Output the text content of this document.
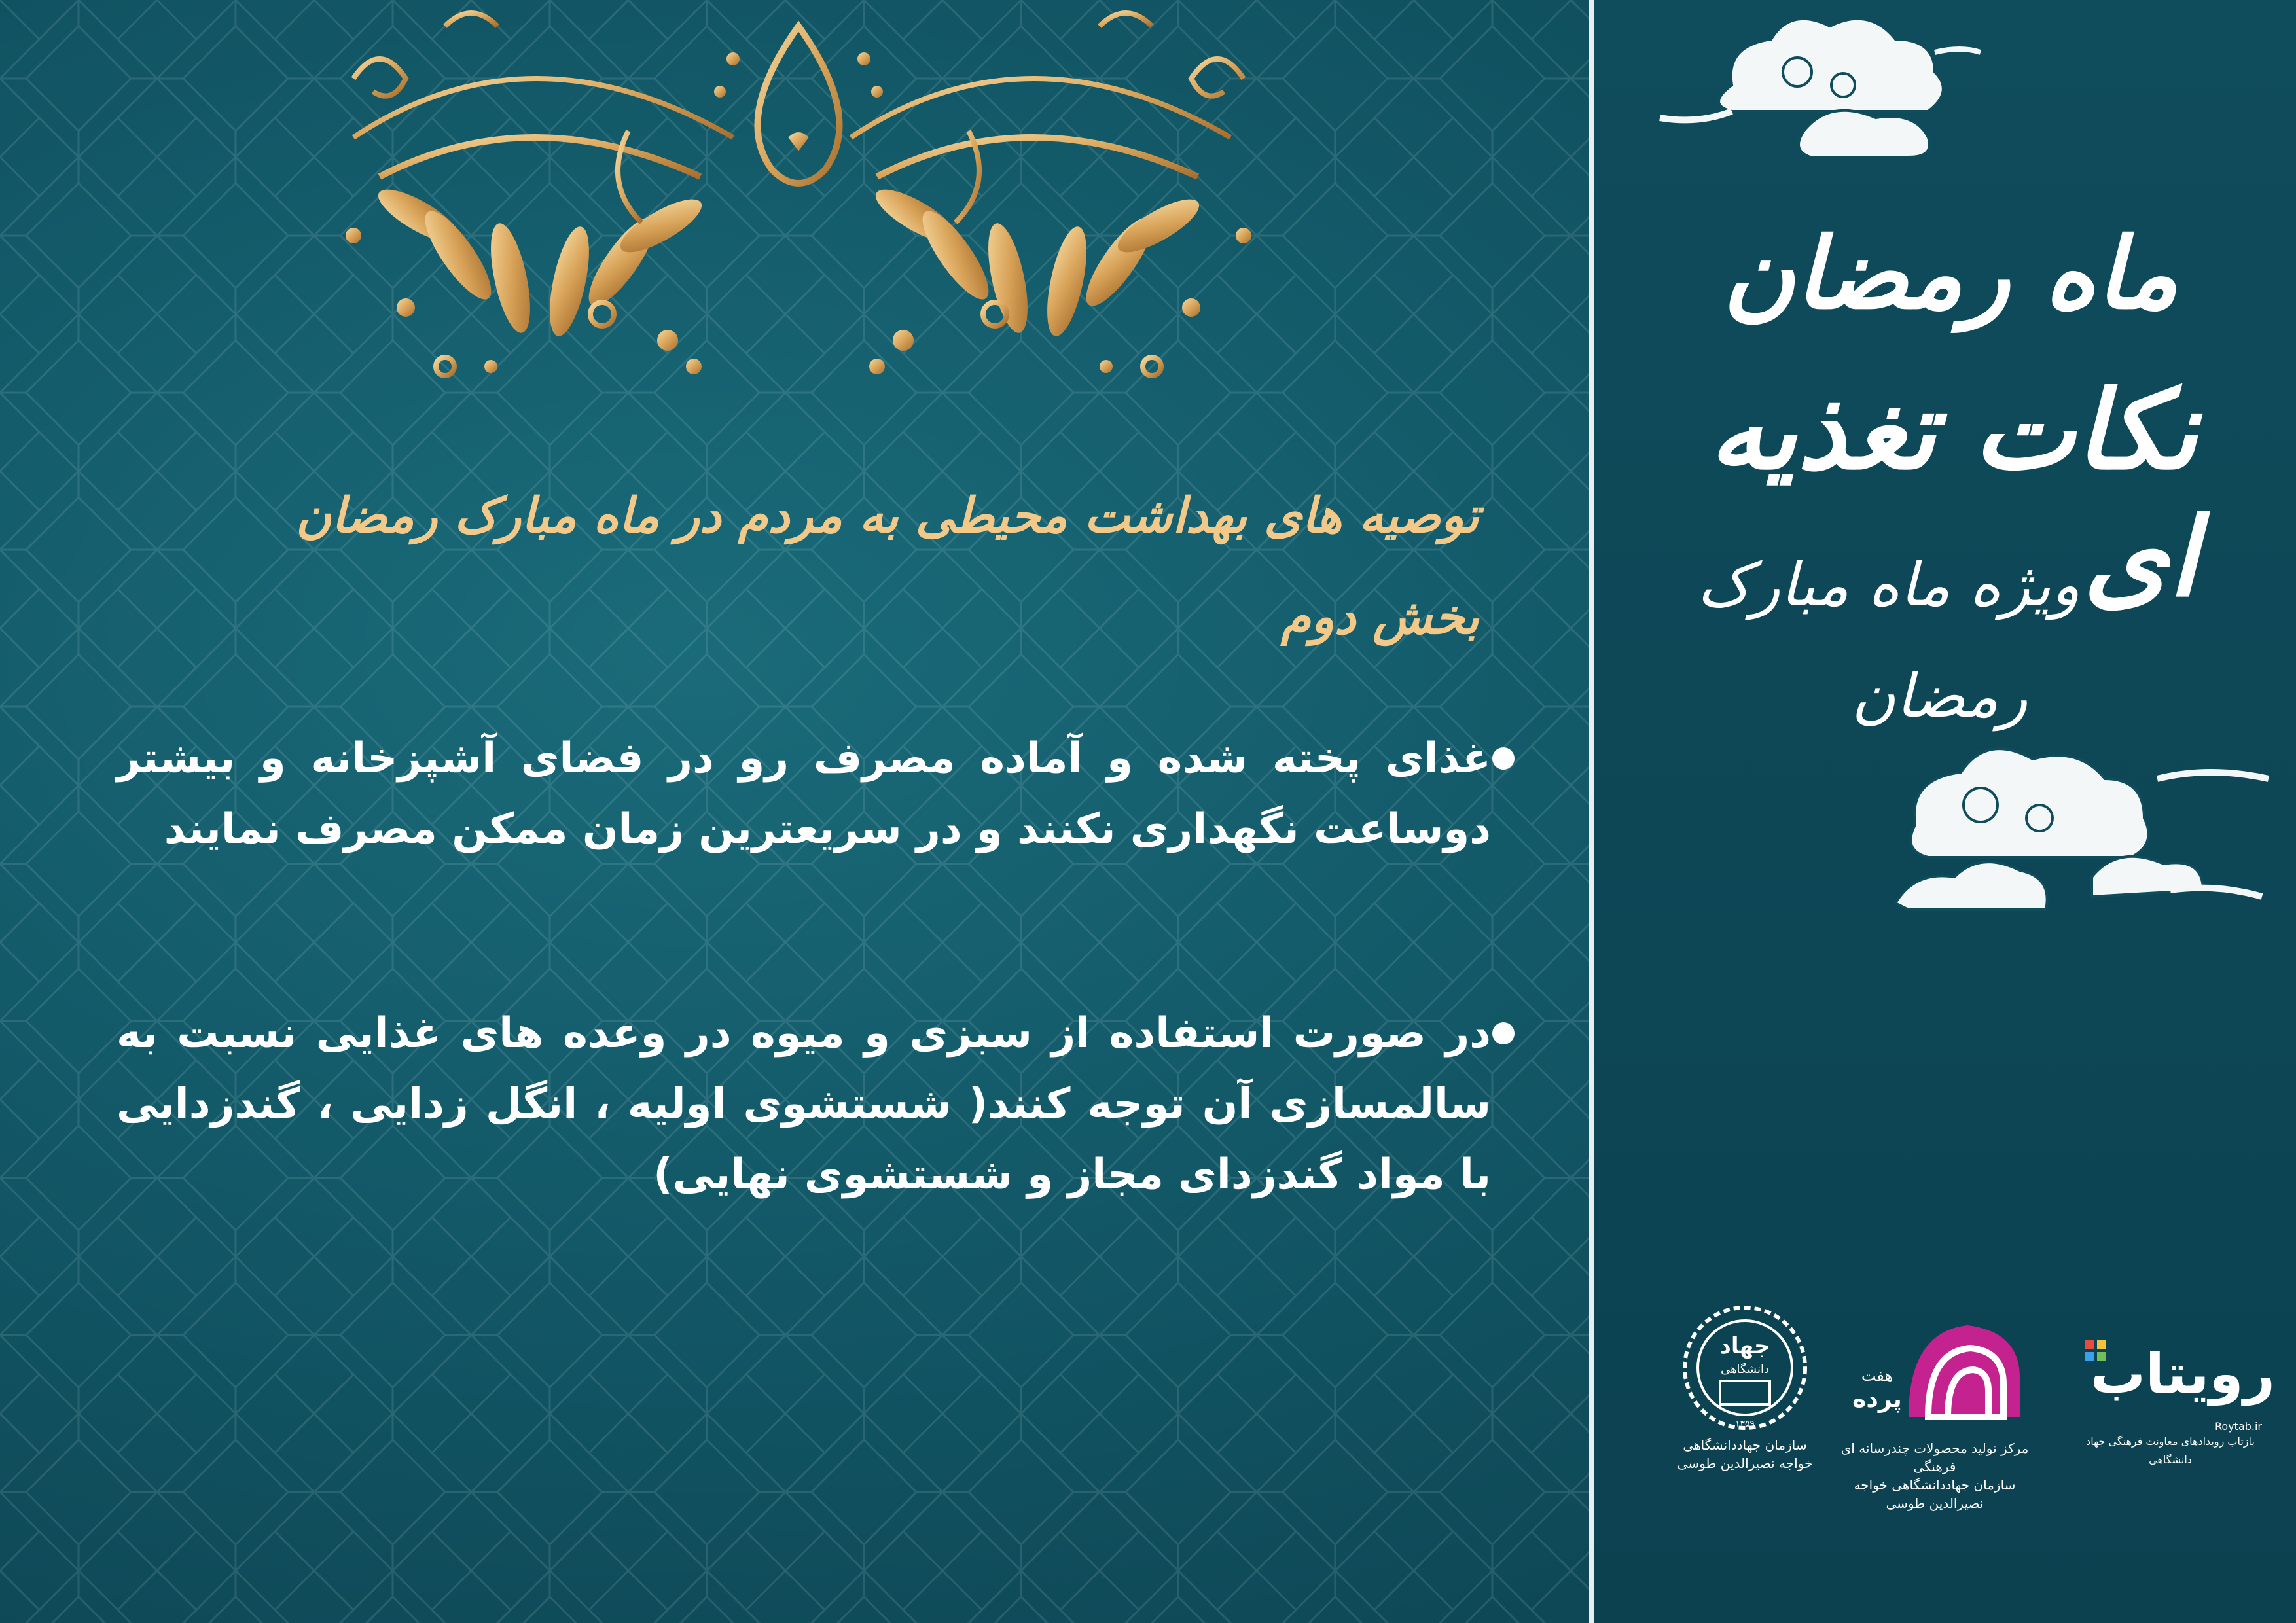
توصیه های بهداشت محیطی به مردم در ماه مبارک رمضان
بخش دوم
غذای پخته شده و آماده مصرف رو در فضای آشپزخانه و بیشتر دوساعت نگهداری نکنند و در سریعترین زمان ممکن مصرف نمایند
در صورت استفاده از سبزی و میوه در وعده های غذایی نسبت به سالمسازی آن توجه کنند( شستشوی اولیه ، انگل زدایی ، گندزدایی با مواد گندزدای مجاز و شستشوی نهایی)
ماه رمضان
نکات تغذیه ای
ویژه ماه مبارک
رمضان
جهاد
دانشگاهی
۱۳۵۹
سازمان جهاددانشگاهی
خواجه نصیرالدین طوسی
هفت
پرده
مرکز تولید محصولات چندرسانه ای فرهنگی
سازمان جهاددانشگاهی خواجه نصیرالدین طوسی
رویتاب
Roytab.ir
بازتاب رویدادهای معاونت فرهنگی جهاد دانشگاهی
